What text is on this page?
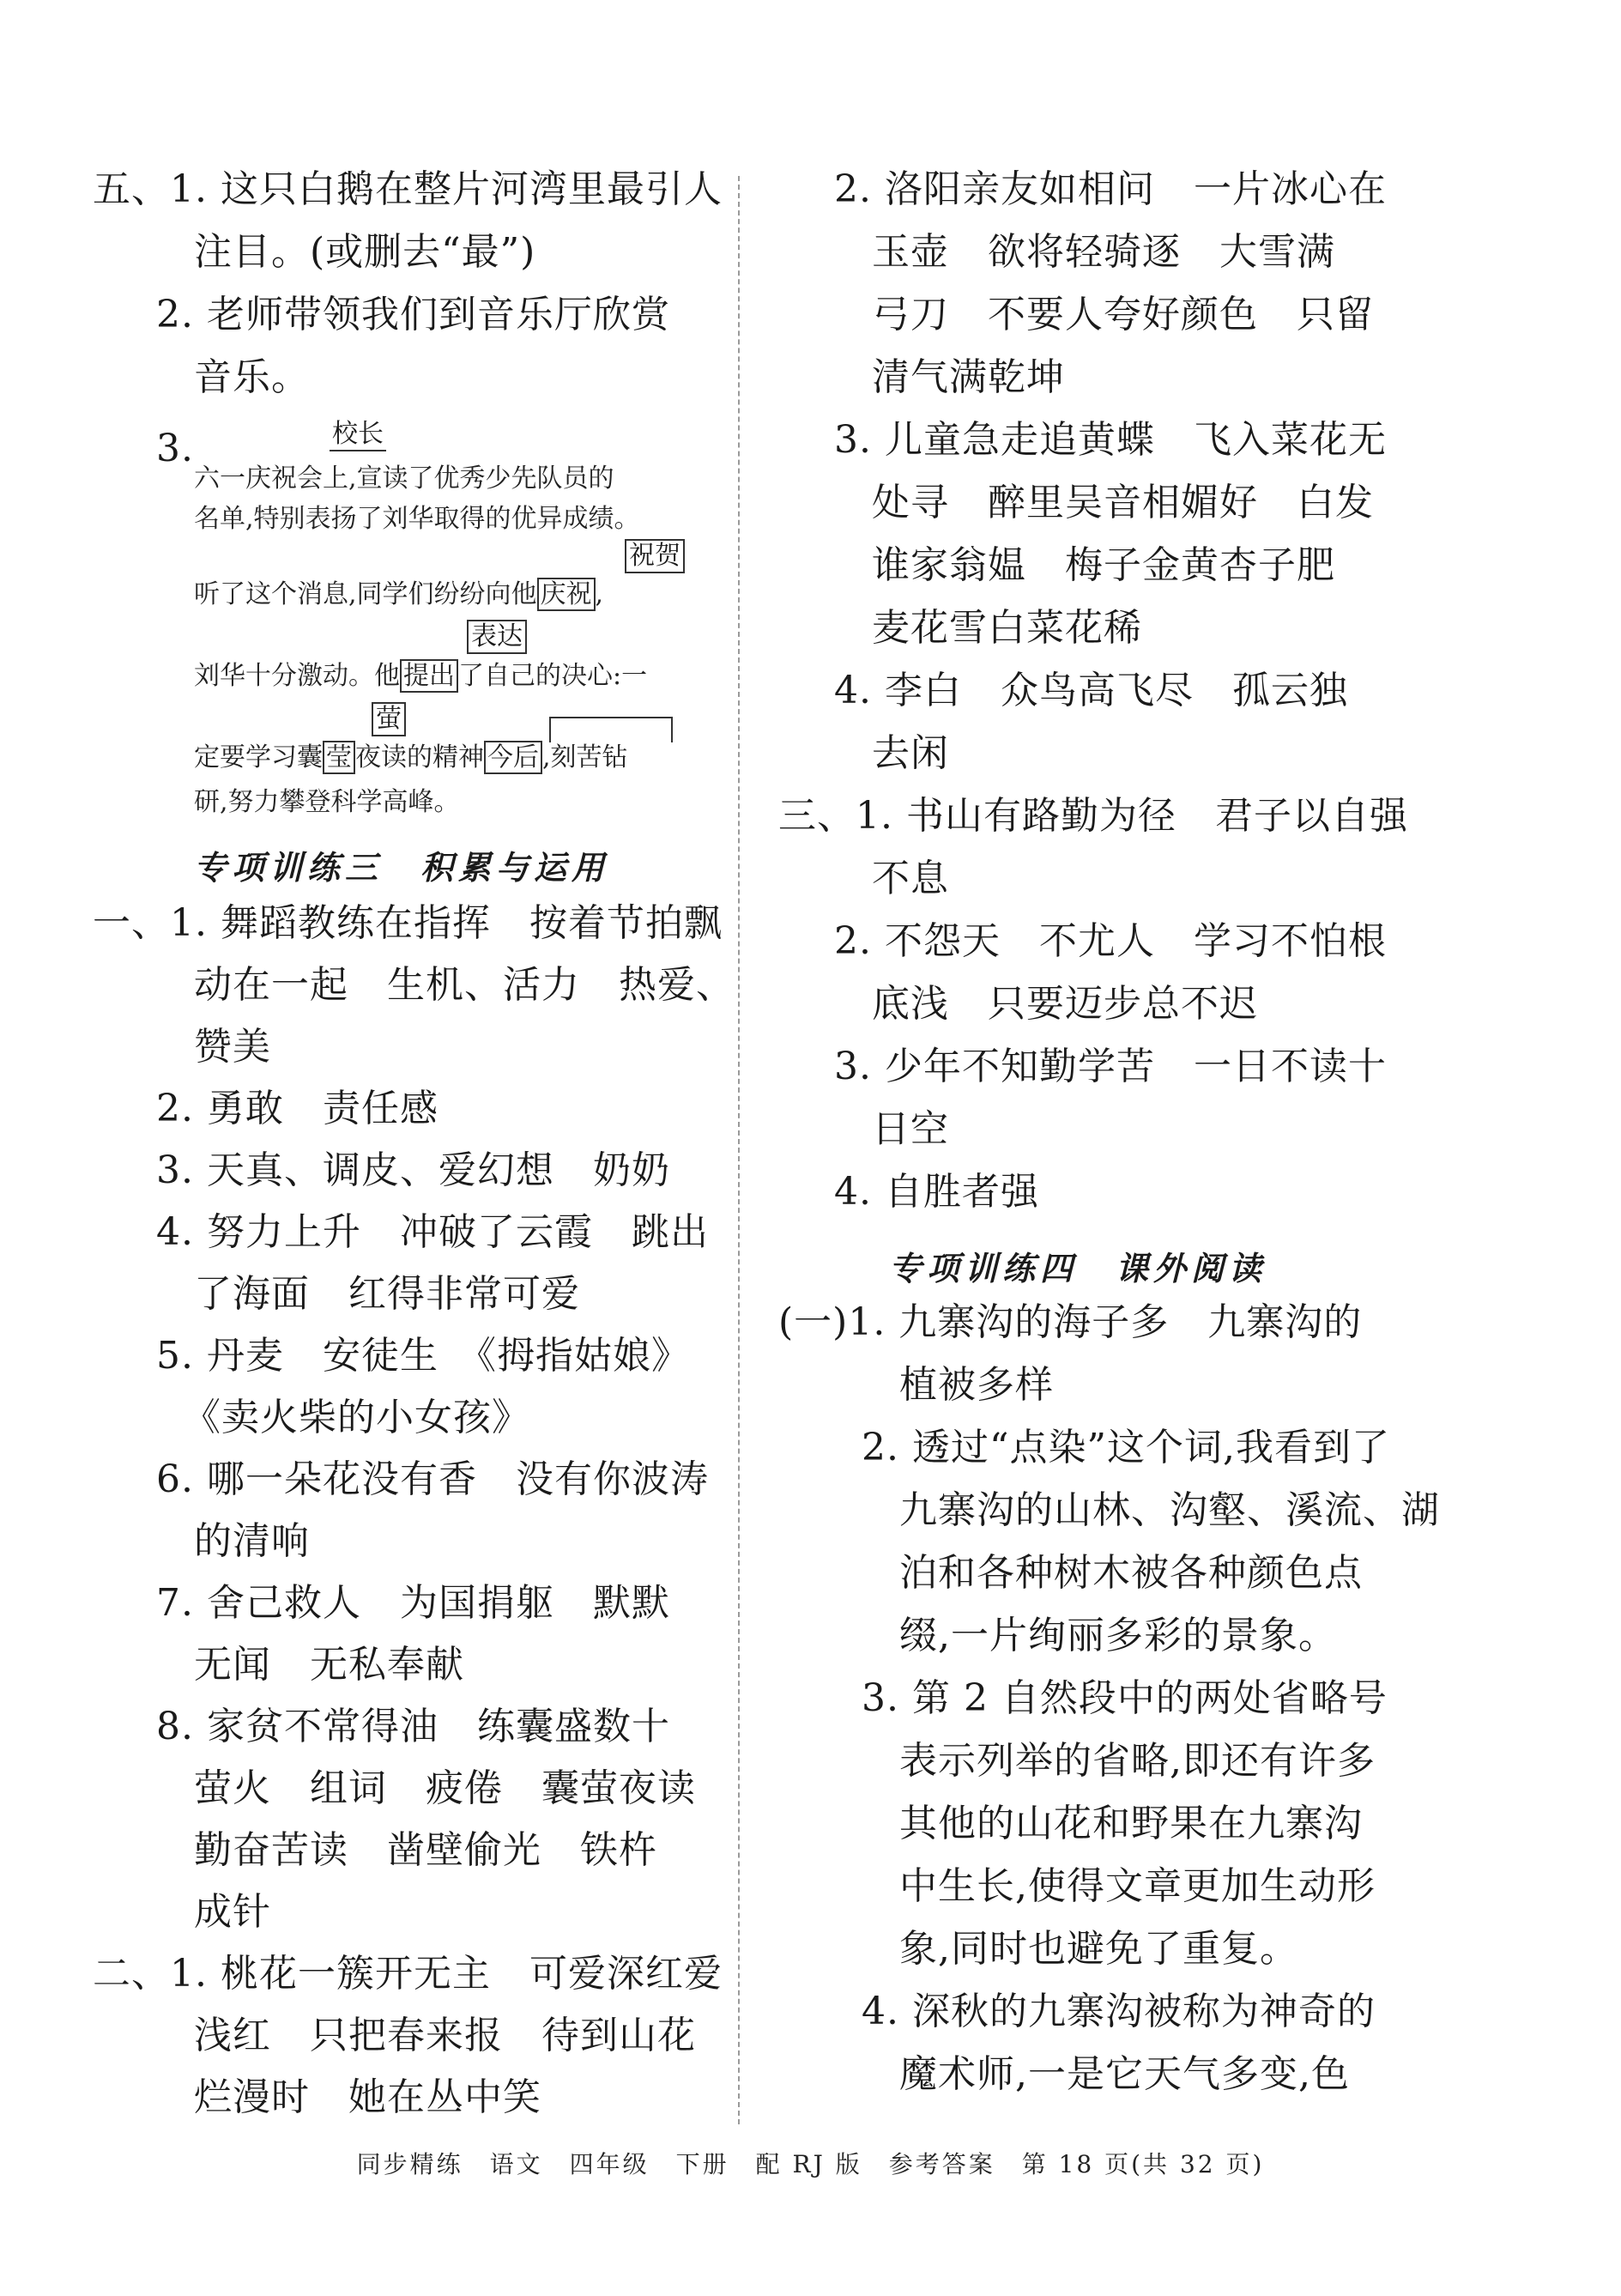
五、1. 这只白鹅在整片河湾里最引人
注目。(或删去“最”)
2. 老师带领我们到音乐厅欣赏
音乐。
3.
六一庆祝会上,宣读了优秀少先队员的
校长
名单,特别表扬了刘华取得的优异成绩。
听了这个消息,同学们纷纷向他 庆祝 ,
祝贺
刘华十分激动。他 提出 了自己的决心:一
表达
定要学习囊 莹 夜读的精神 今后 ,刻苦钻
萤
研,努力攀登科学高峰。
专项训练三　积累与运用
一、1. 舞蹈教练在指挥　按着节拍飘
动在一起　生机、活力　热爱、
赞美
2. 勇敢　责任感
3. 天真、调皮、爱幻想　奶奶
4. 努力上升　冲破了云霞　跳出
了海面　红得非常可爱
5. 丹麦　安徒生　《拇指姑娘》
《卖火柴的小女孩》
6. 哪一朵花没有香　没有你波涛
的清响
7. 舍己救人　为国捐躯　默默
无闻　无私奉献
8. 家贫不常得油　练囊盛数十
萤火　组词　疲倦　囊萤夜读
勤奋苦读　凿壁偷光　铁杵
成针
二、1. 桃花一簇开无主　可爱深红爱
浅红　只把春来报　待到山花
烂漫时　她在丛中笑
2. 洛阳亲友如相问　一片冰心在
玉壶　欲将轻骑逐　大雪满
弓刀　不要人夸好颜色　只留
清气满乾坤
3. 儿童急走追黄蝶　飞入菜花无
处寻　醉里吴音相媚好　白发
谁家翁媪　梅子金黄杏子肥
麦花雪白菜花稀
4. 李白　众鸟高飞尽　孤云独
去闲
三、1. 书山有路勤为径　君子以自强
不息
2. 不怨天　不尤人　学习不怕根
底浅　只要迈步总不迟
3. 少年不知勤学苦　一日不读十
日空
4. 自胜者强
专项训练四　课外阅读
(一)1. 九寨沟的海子多　九寨沟的
植被多样
2. 透过“点染”这个词,我看到了
九寨沟的山林、沟壑、溪流、湖
泊和各种树木被各种颜色点
缀,一片绚丽多彩的景象。
3. 第 2 自然段中的两处省略号
表示列举的省略,即还有许多
其他的山花和野果在九寨沟
中生长,使得文章更加生动形
象,同时也避免了重复。
4. 深秋的九寨沟被称为神奇的
魔术师,一是它天气多变,色
同步精练　语文　四年级　下册　配 RJ 版　参考答案　第 18 页(共 32 页)
